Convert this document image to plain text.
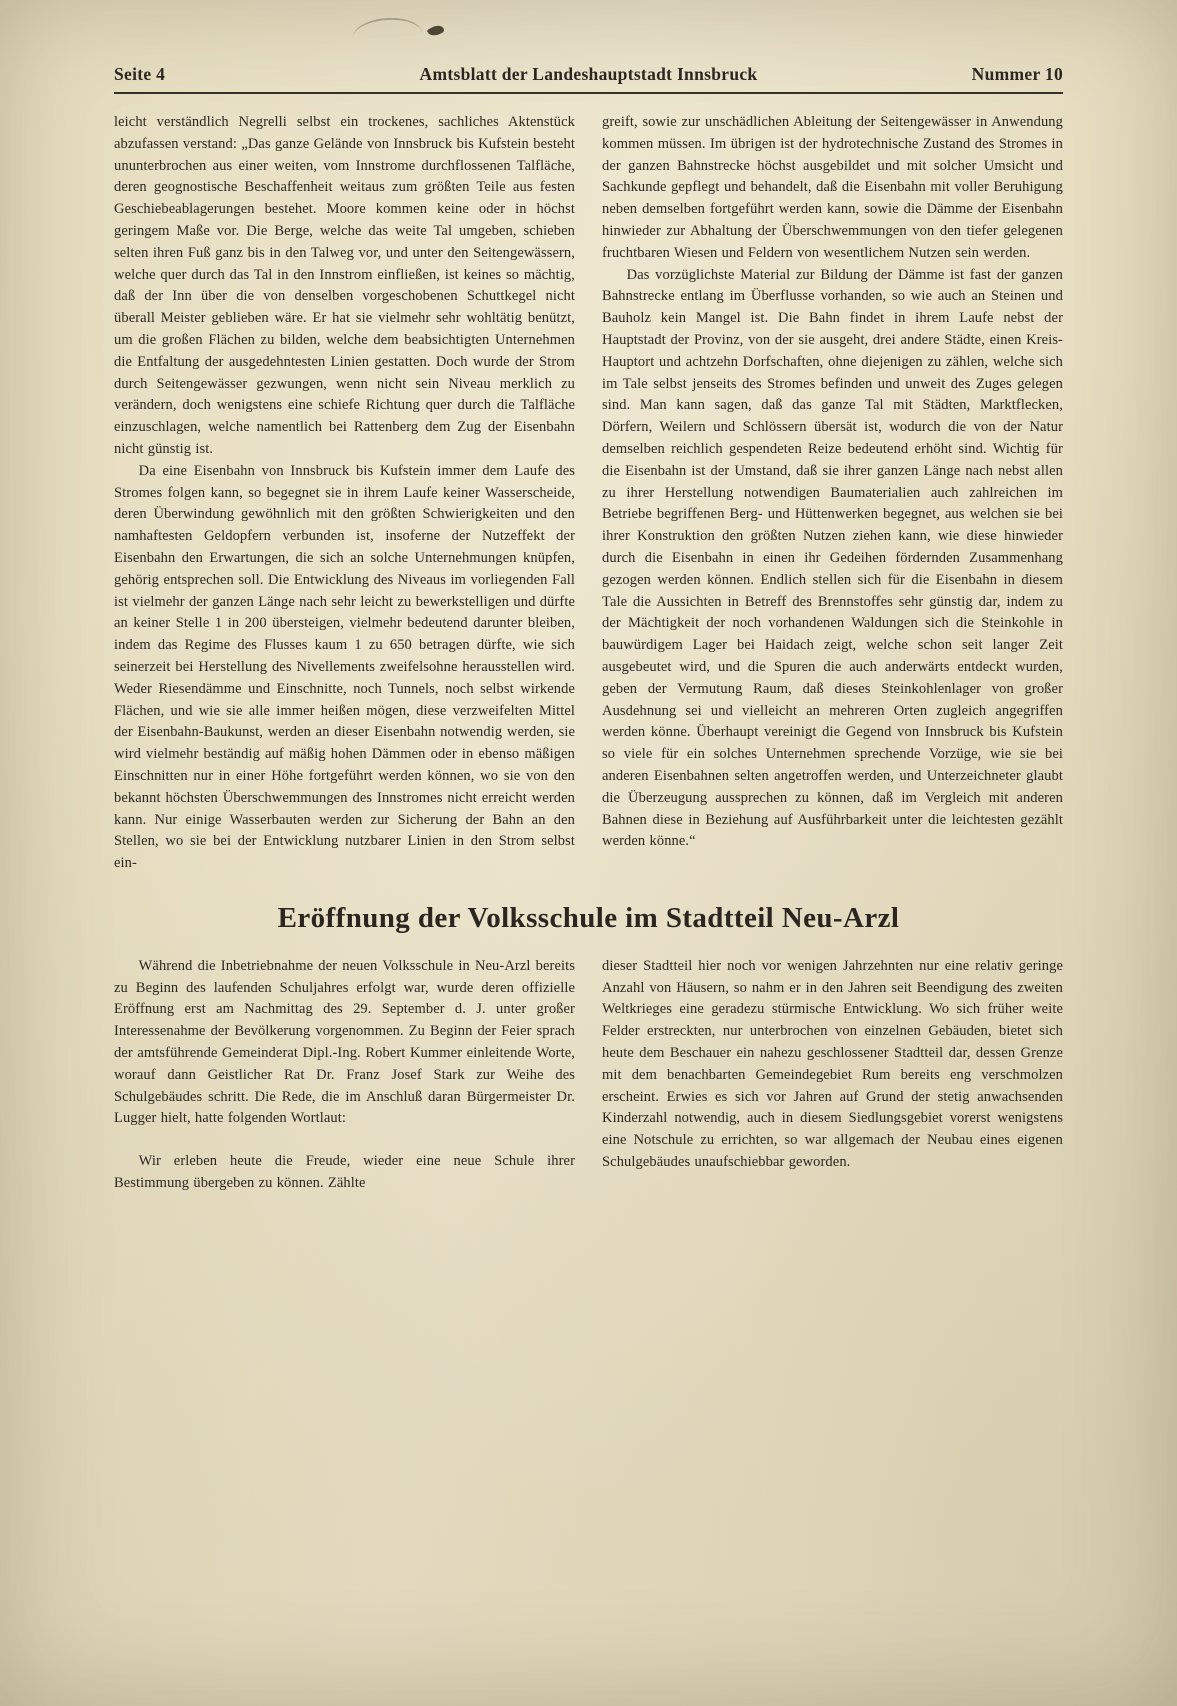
Seite 4	Amtsblatt der Landeshauptstadt Innsbruck	Nummer 10

leicht verständlich Negrelli selbst ein trockenes, sachliches Aktenstück abzufassen verstand: „Das ganze Gelände von Innsbruck bis Kufstein besteht ununterbrochen aus einer weiten, vom Innstrome durchflossenen Talfläche, deren geognostische Beschaffenheit weitaus zum größten Teile aus festen Geschiebeablagerungen bestehet. Moore kommen keine oder in höchst geringem Maße vor. Die Berge, welche das weite Tal umgeben, schieben selten ihren Fuß ganz bis in den Talweg vor, und unter den Seitengewässern, welche quer durch das Tal in den Innstrom einfließen, ist keines so mächtig, daß der Inn über die von denselben vorgeschobenen Schuttkegel nicht überall Meister geblieben wäre. Er hat sie vielmehr sehr wohltätig benützt, um die großen Flächen zu bilden, welche dem beabsichtigten Unternehmen die Entfaltung der ausgedehntesten Linien gestatten. Doch wurde der Strom durch Seitengewässer gezwungen, wenn nicht sein Niveau merklich zu verändern, doch wenigstens eine schiefe Richtung quer durch die Talfläche einzuschlagen, welche namentlich bei Rattenberg dem Zug der Eisenbahn nicht günstig ist.

Da eine Eisenbahn von Innsbruck bis Kufstein immer dem Laufe des Stromes folgen kann, so begegnet sie in ihrem Laufe keiner Wasserscheide, deren Überwindung gewöhnlich mit den größten Schwierigkeiten und den namhaftesten Geldopfern verbunden ist, insoferne der Nutzeffekt der Eisenbahn den Erwartungen, die sich an solche Unternehmungen knüpfen, gehörig entsprechen soll. Die Entwicklung des Niveaus im vorliegenden Fall ist vielmehr der ganzen Länge nach sehr leicht zu bewerkstelligen und dürfte an keiner Stelle 1 in 200 übersteigen, vielmehr bedeutend darunter bleiben, indem das Regime des Flusses kaum 1 zu 650 betragen dürfte, wie sich seinerzeit bei Herstellung des Nivellements zweifelsohne herausstellen wird. Weder Riesendämme und Einschnitte, noch Tunnels, noch selbst wirkende Flächen, und wie sie alle immer heißen mögen, diese verzweifelten Mittel der Eisenbahn-Baukunst, werden an dieser Eisenbahn notwendig werden, sie wird vielmehr beständig auf mäßig hohen Dämmen oder in ebenso mäßigen Einschnitten nur in einer Höhe fortgeführt werden können, wo sie von den bekannt höchsten Überschwemmungen des Innstromes nicht erreicht werden kann. Nur einige Wasserbauten werden zur Sicherung der Bahn an den Stellen, wo sie bei der Entwicklung nutzbarer Linien in den Strom selbst ein-

greift, sowie zur unschädlichen Ableitung der Seitengewässer in Anwendung kommen müssen. Im übrigen ist der hydrotechnische Zustand des Stromes in der ganzen Bahnstrecke höchst ausgebildet und mit solcher Umsicht und Sachkunde gepflegt und behandelt, daß die Eisenbahn mit voller Beruhigung neben demselben fortgeführt werden kann, sowie die Dämme der Eisenbahn hinwieder zur Abhaltung der Überschwemmungen von den tiefer gelegenen fruchtbaren Wiesen und Feldern von wesentlichem Nutzen sein werden.

Das vorzüglichste Material zur Bildung der Dämme ist fast der ganzen Bahnstrecke entlang im Überflusse vorhanden, so wie auch an Steinen und Bauholz kein Mangel ist. Die Bahn findet in ihrem Laufe nebst der Hauptstadt der Provinz, von der sie ausgeht, drei andere Städte, einen Kreis-Hauptort und achtzehn Dorfschaften, ohne diejenigen zu zählen, welche sich im Tale selbst jenseits des Stromes befinden und unweit des Zuges gelegen sind. Man kann sagen, daß das ganze Tal mit Städten, Marktflecken, Dörfern, Weilern und Schlössern übersät ist, wodurch die von der Natur demselben reichlich gespendeten Reize bedeutend erhöht sind. Wichtig für die Eisenbahn ist der Umstand, daß sie ihrer ganzen Länge nach nebst allen zu ihrer Herstellung notwendigen Baumaterialien auch zahlreichen im Betriebe begriffenen Berg- und Hüttenwerken begegnet, aus welchen sie bei ihrer Konstruktion den größten Nutzen ziehen kann, wie diese hinwieder durch die Eisenbahn in einen ihr Gedeihen fördernden Zusammenhang gezogen werden können. Endlich stellen sich für die Eisenbahn in diesem Tale die Aussichten in Betreff des Brennstoffes sehr günstig dar, indem zu der Mächtigkeit der noch vorhandenen Waldungen sich die Steinkohle in bauwürdigem Lager bei Haidach zeigt, welche schon seit langer Zeit ausgebeutet wird, und die Spuren die auch anderwärts entdeckt wurden, geben der Vermutung Raum, daß dieses Steinkohlenlager von großer Ausdehnung sei und vielleicht an mehreren Orten zugleich angegriffen werden könne. Überhaupt vereinigt die Gegend von Innsbruck bis Kufstein so viele für ein solches Unternehmen sprechende Vorzüge, wie sie bei anderen Eisenbahnen selten angetroffen werden, und Unterzeichneter glaubt die Überzeugung aussprechen zu können, daß im Vergleich mit anderen Bahnen diese in Beziehung auf Ausführbarkeit unter die leichtesten gezählt werden könne.“

Eröffnung der Volksschule im Stadtteil Neu-Arzl

Während die Inbetriebnahme der neuen Volksschule in Neu-Arzl bereits zu Beginn des laufenden Schuljahres erfolgt war, wurde deren offizielle Eröffnung erst am Nachmittag des 29. September d. J. unter großer Interessenahme der Bevölkerung vorgenommen. Zu Beginn der Feier sprach der amtsführende Gemeinderat Dipl.-Ing. Robert Kummer einleitende Worte, worauf dann Geistlicher Rat Dr. Franz Josef Stark zur Weihe des Schulgebäudes schritt. Die Rede, die im Anschluß daran Bürgermeister Dr. Lugger hielt, hatte folgenden Wortlaut:

Wir erleben heute die Freude, wieder eine neue Schule ihrer Bestimmung übergeben zu können. Zählte

dieser Stadtteil hier noch vor wenigen Jahrzehnten nur eine relativ geringe Anzahl von Häusern, so nahm er in den Jahren seit Beendigung des zweiten Weltkrieges eine geradezu stürmische Entwicklung. Wo sich früher weite Felder erstreckten, nur unterbrochen von einzelnen Gebäuden, bietet sich heute dem Beschauer ein nahezu geschlossener Stadtteil dar, dessen Grenze mit dem benachbarten Gemeindegebiet Rum bereits eng verschmolzen erscheint. Erwies es sich vor Jahren auf Grund der stetig anwachsenden Kinderzahl notwendig, auch in diesem Siedlungsgebiet vorerst wenigstens eine Notschule zu errichten, so war allgemach der Neubau eines eigenen Schulgebäudes unaufschiebbar geworden.
